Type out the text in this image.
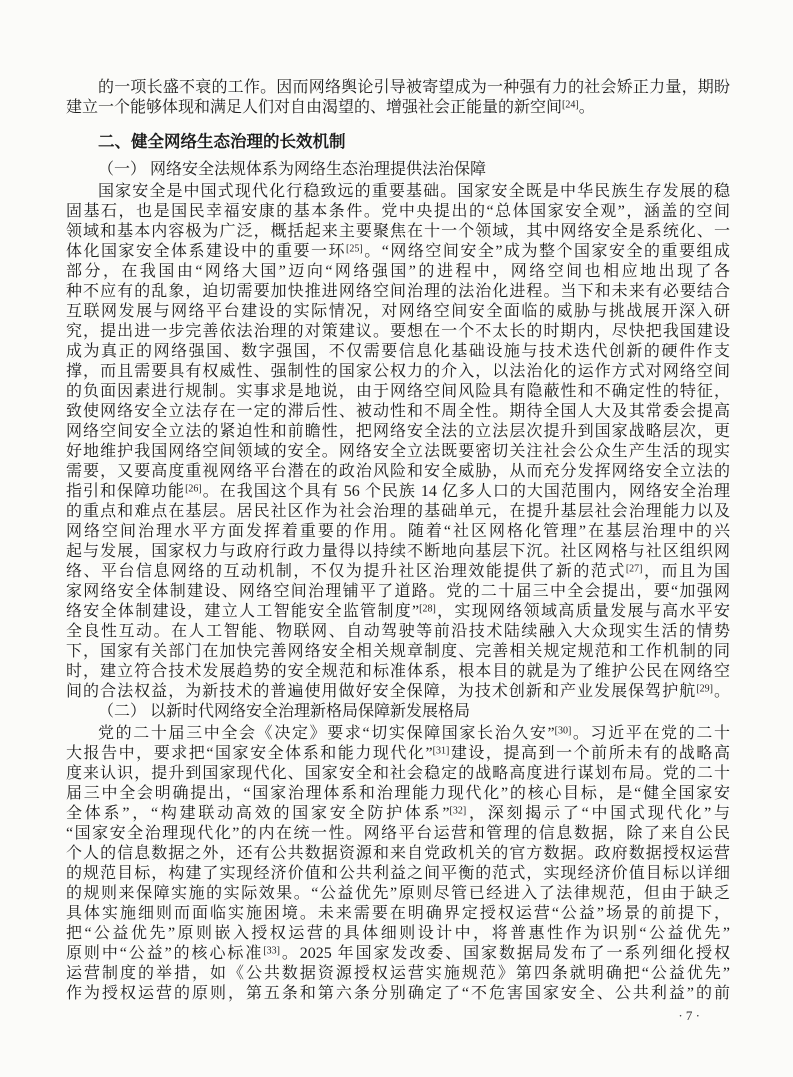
的一项长盛不衰的工作。因而网络舆论引导被寄望成为一种强有力的社会矫正力量，期盼
建立一个能够体现和满足人们对自由渴望的、增强社会正能量的新空间[24]。
二、健全网络生态治理的长效机制
（一） 网络安全法规体系为网络生态治理提供法治保障
国家安全是中国式现代化行稳致远的重要基础。国家安全既是中华民族生存发展的稳
固基石，也是国民幸福安康的基本条件。党中央提出的“总体国家安全观”，涵盖的空间
领域和基本内容极为广泛，概括起来主要聚焦在十一个领域，其中网络安全是系统化、一
体化国家安全体系建设中的重要一环[25]。“网络空间安全”成为整个国家安全的重要组成
部分，在我国由“网络大国”迈向“网络强国”的进程中，网络空间也相应地出现了各
种不应有的乱象，迫切需要加快推进网络空间治理的法治化进程。当下和未来有必要结合
互联网发展与网络平台建设的实际情况，对网络空间安全面临的威胁与挑战展开深入研
究，提出进一步完善依法治理的对策建议。要想在一个不太长的时期内，尽快把我国建设
成为真正的网络强国、数字强国，不仅需要信息化基础设施与技术迭代创新的硬件作支
撑，而且需要具有权威性、强制性的国家公权力的介入，以法治化的运作方式对网络空间
的负面因素进行规制。实事求是地说，由于网络空间风险具有隐蔽性和不确定性的特征，
致使网络安全立法存在一定的滞后性、被动性和不周全性。期待全国人大及其常委会提高
网络空间安全立法的紧迫性和前瞻性，把网络安全法的立法层次提升到国家战略层次，更
好地维护我国网络空间领域的安全。网络安全立法既要密切关注社会公众生产生活的现实
需要，又要高度重视网络平台潜在的政治风险和安全威胁，从而充分发挥网络安全立法的
指引和保障功能[26]。在我国这个具有 56 个民族 14 亿多人口的大国范围内，网络安全治理
的重点和难点在基层。居民社区作为社会治理的基础单元，在提升基层社会治理能力以及
网络空间治理水平方面发挥着重要的作用。随着“社区网格化管理”在基层治理中的兴
起与发展，国家权力与政府行政力量得以持续不断地向基层下沉。社区网格与社区组织网
络、平台信息网络的互动机制，不仅为提升社区治理效能提供了新的范式[27]，而且为国
家网络安全体制建设、网络空间治理铺平了道路。党的二十届三中全会提出，要“加强网
络安全体制建设，建立人工智能安全监管制度”[28]，实现网络领域高质量发展与高水平安
全良性互动。在人工智能、物联网、自动驾驶等前沿技术陆续融入大众现实生活的情势
下，国家有关部门在加快完善网络安全相关规章制度、完善相关规定规范和工作机制的同
时，建立符合技术发展趋势的安全规范和标准体系，根本目的就是为了维护公民在网络空
间的合法权益，为新技术的普遍使用做好安全保障，为技术创新和产业发展保驾护航[29]。
（二） 以新时代网络安全治理新格局保障新发展格局
党的二十届三中全会《决定》要求“切实保障国家长治久安”[30]。习近平在党的二十
大报告中，要求把“国家安全体系和能力现代化”[31]建设，提高到一个前所未有的战略高
度来认识，提升到国家现代化、国家安全和社会稳定的战略高度进行谋划布局。党的二十
届三中全会明确提出，“国家治理体系和治理能力现代化”的核心目标，是“健全国家安
全体系”，“构建联动高效的国家安全防护体系”[32]，深刻揭示了“中国式现代化”与
“国家安全治理现代化”的内在统一性。网络平台运营和管理的信息数据，除了来自公民
个人的信息数据之外，还有公共数据资源和来自党政机关的官方数据。政府数据授权运营
的规范目标，构建了实现经济价值和公共利益之间平衡的范式，实现经济价值目标以详细
的规则来保障实施的实际效果。“公益优先”原则尽管已经进入了法律规范，但由于缺乏
具体实施细则而面临实施困境。未来需要在明确界定授权运营“公益”场景的前提下，
把“公益优先”原则嵌入授权运营的具体细则设计中，将普惠性作为识别“公益优先”
原则中“公益”的核心标准[33]。2025 年国家发改委、国家数据局发布了一系列细化授权
运营制度的举措，如《公共数据资源授权运营实施规范》第四条就明确把“公益优先”
作为授权运营的原则，第五条和第六条分别确定了“不危害国家安全、公共利益”的前
· 7 ·
